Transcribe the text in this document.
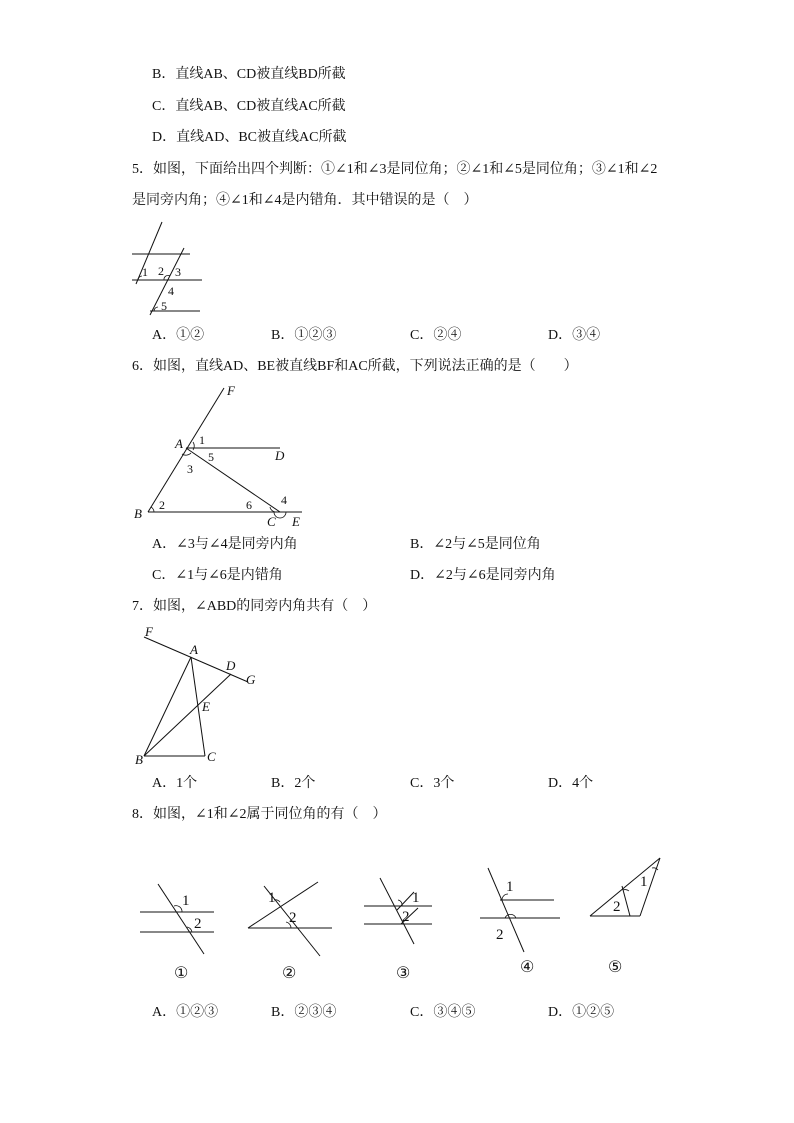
B．直线AB、CD被直线BD所截
C．直线AB、CD被直线AC所截
D．直线AD、BC被直线AC所截
5．如图，下面给出四个判断：①∠1和∠3是同位角；②∠1和∠5是同位角；③∠1和∠2
是同旁内角；④∠1和∠4是内错角．其中错误的是（　）
1 2 3
4
5
A．①②	B．①②③	C．②④	D．③④
6．如图，直线AD、BE被直线BF和AC所截，下列说法正确的是（　　）
F
A
D
B
C E
1
5
3
2	6 4
A．∠3与∠4是同旁内角	B．∠2与∠5是同位角
C．∠1与∠6是内错角	D．∠2与∠6是同旁内角
7．如图，∠ABD的同旁内角共有（　）
F
A
D
G
E
B	C
A．1个	B．2个	C．3个	D．4个
8．如图，∠1和∠2属于同位角的有（　）
1
2
①
1
2
②
1
2
③
1
2
④
1
2
⑤
A．①②③	B．②③④	C．③④⑤	D．①②⑤
